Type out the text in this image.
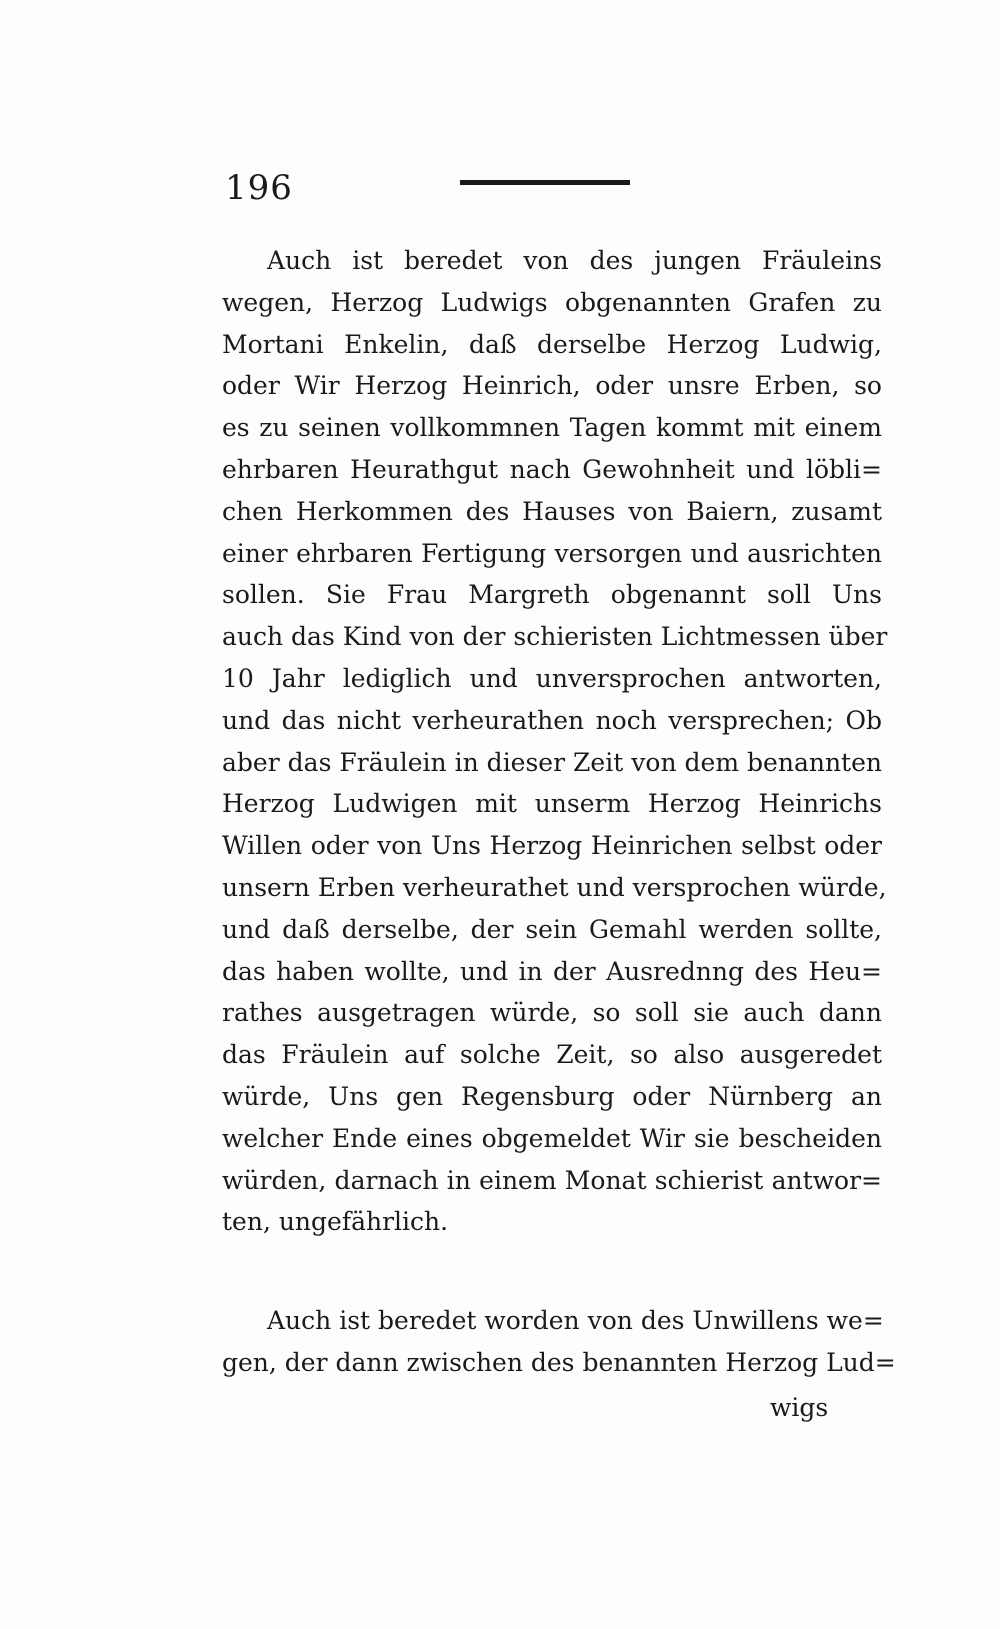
196
Auch ist beredet von des jungen Fräuleins
wegen, Herzog Ludwigs obgenannten Grafen zu
Mortani Enkelin, daß derselbe Herzog Ludwig,
oder Wir Herzog Heinrich, oder unsre Erben, so
es zu seinen vollkommnen Tagen kommt mit einem
ehrbaren Heurathgut nach Gewohnheit und löbli=
chen Herkommen des Hauses von Baiern, zusamt
einer ehrbaren Fertigung versorgen und ausrichten
sollen. Sie Frau Margreth obgenannt soll Uns
auch das Kind von der schieristen Lichtmessen über
10 Jahr lediglich und unversprochen antworten,
und das nicht verheurathen noch versprechen; Ob
aber das Fräulein in dieser Zeit von dem benannten
Herzog Ludwigen mit unserm Herzog Heinrichs
Willen oder von Uns Herzog Heinrichen selbst oder
unsern Erben verheurathet und versprochen würde,
und daß derselbe, der sein Gemahl werden sollte,
das haben wollte, und in der Ausrednng des Heu=
rathes ausgetragen würde, so soll sie auch dann
das Fräulein auf solche Zeit, so also ausgeredet
würde, Uns gen Regensburg oder Nürnberg an
welcher Ende eines obgemeldet Wir sie bescheiden
würden, darnach in einem Monat schierist antwor=
ten, ungefährlich.
Auch ist beredet worden von des Unwillens we=
gen, der dann zwischen des benannten Herzog Lud=
wigs
